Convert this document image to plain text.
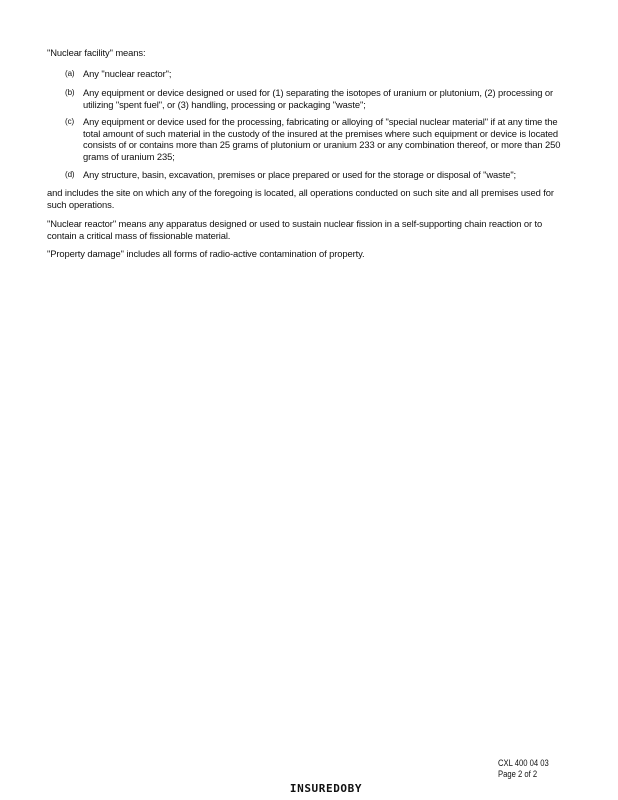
"Nuclear facility" means:
(a) Any "nuclear reactor";
(b) Any equipment or device designed or used for (1) separating the isotopes of uranium or plutonium, (2) processing or utilizing "spent fuel", or (3) handling, processing or packaging "waste";
(c) Any equipment or device used for the processing, fabricating or alloying of "special nuclear material" if at any time the total amount of such material in the custody of the insured at the premises where such equipment or device is located consists of or contains more than 25 grams of plutonium or uranium 233 or any combination thereof, or more than 250 grams of uranium 235;
(d) Any structure, basin, excavation, premises or place prepared or used for the storage or disposal of "waste";
and includes the site on which any of the foregoing is located, all operations conducted on such site and all premises used for such operations.
"Nuclear reactor" means any apparatus designed or used to sustain nuclear fission in a self-supporting chain reaction or to contain a critical mass of fissionable material.
"Property damage" includes all forms of radio-active contamination of property.
CXL 400 04 03
Page 2 of 2
INSUREDOBY
